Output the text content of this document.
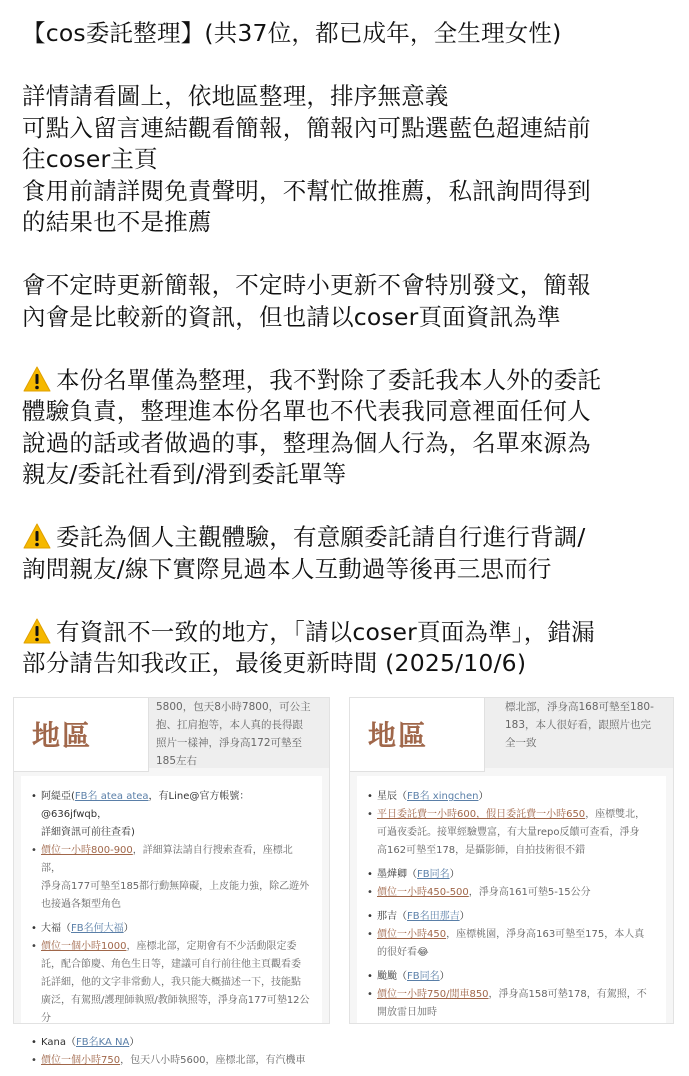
【cos委託整理】(共37位，都已成年，全生理女性)
詳情請看圖上，依地區整理，排序無意義
可點入留言連結觀看簡報，簡報內可點選藍色超連結前
往coser主頁
食用前請詳閱免責聲明，不幫忙做推薦，私訊詢問得到
的結果也不是推薦
會不定時更新簡報，不定時小更新不會特別發文，簡報
內會是比較新的資訊，但也請以coser頁面資訊為準
本份名單僅為整理，我不對除了委託我本人外的委託
體驗負責，整理進本份名單也不代表我同意裡面任何人
說過的話或者做過的事，整理為個人行為，名單來源為
親友/委託社看到/滑到委託單等
委託為個人主觀體驗，有意願委託請自行進行背調/
詢問親友/線下實際見過本人互動過等後再三思而行
有資訊不一致的地方，「請以coser頁面為準」，錯漏
部分請告知我改正，最後更新時間 (2025/10/6)
地區
5800，包天8小時7800，可公主
抱、扛肩抱等，本人真的長得跟
照片一樣神，淨身高172可墊至
185左右
• 阿緹亞(FB名 atea atea，有Line@官方帳號：@636jfwqb，
詳細資訊可前往查看)
• 價位一小時800-900，詳細算法請自行搜索查看，座標北部，
淨身高177可墊至185都行動無障礙，上皮能力強，除乙遊外
也接過各類型角色
• 大福（FB名何大福）
• 價位一個小時1000，座標北部，定期會有不少活動限定委
託，配合節慶、角色生日等，建議可自行前往他主頁觀看委
託詳細，他的文字非常動人，我只能大概描述一下，技能點
廣泛，有駕照/護理師執照/教師執照等，淨身高177可墊12公
分
• Kana（FB名KA NA）
• 價位一個小時750，包天八小時5600，座標北部，有汽機車
地區
標北部，淨身高168可墊至180-
183，本人很好看，跟照片也完
全一致
• 星辰（FB名 xingchen）
• 平日委託費一小時600，假日委託費一小時650，座標雙北，
可過夜委託。接單經驗豐富，有大量repo反饋可查看，淨身
高162可墊至178，是攝影師，自拍技術很不錯
• 墨燁卿（FB同名）
• 價位一小時450-500，淨身高161可墊5-15公分
• 那吉（FB名田那吉）
• 價位一小時450，座標桃園，淨身高163可墊至175，本人真
的很好看😂
• 颱颱（FB同名）
• 價位一小時750/閒車850，淨身高158可墊178，有駕照，不
開放雷日加時
